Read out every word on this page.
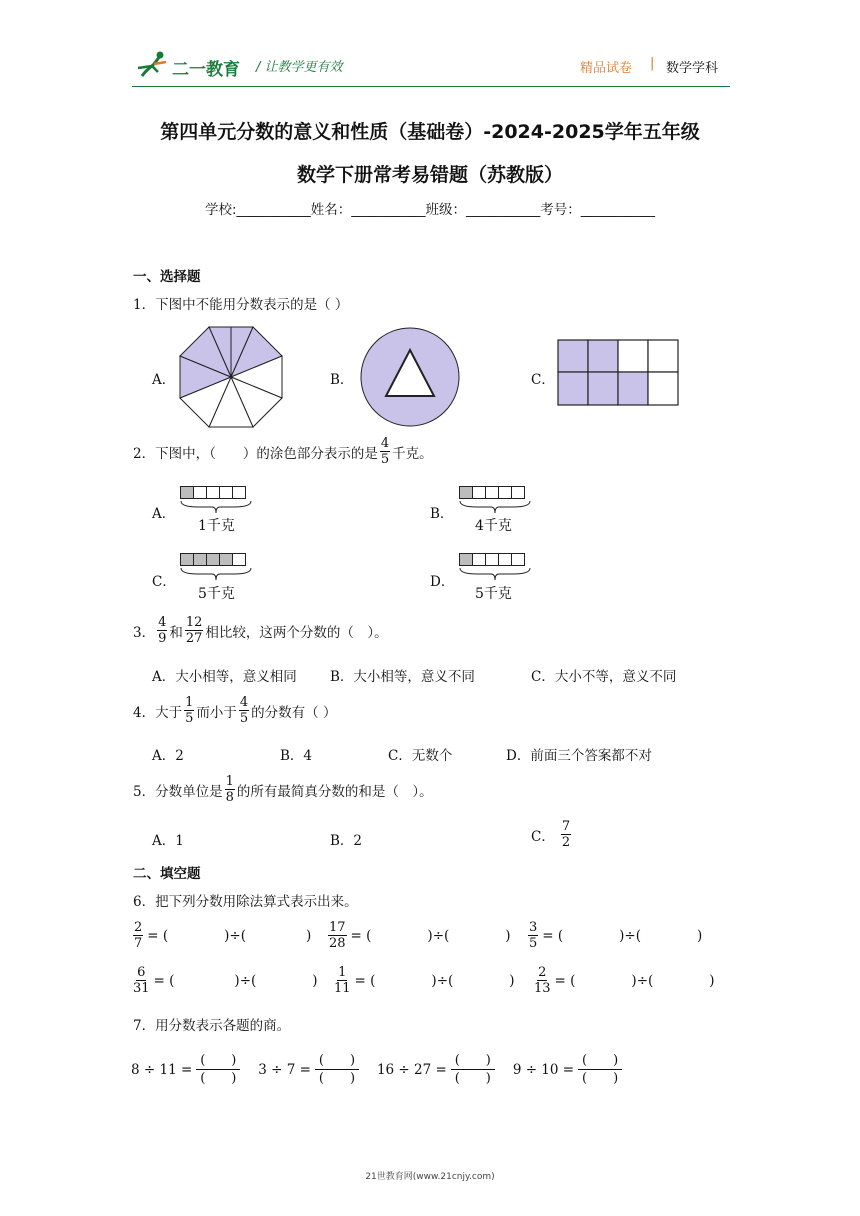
二一教育 / 让教学更有效	精品试卷 | 数学学科
第四单元分数的意义和性质（基础卷）-2024-2025学年五年级
数学下册常考易错题（苏教版）
学校:___________姓名：___________班级：___________考号：___________
一、选择题
1．下图中不能用分数表示的是（ ）
A．	B．	C．
2．下图中，（　　）的涂色部分表示的是 $\frac{4}{5}$ 千克。
A．
1千克
B．
4千克
C．
5千克
D．
5千克
3． $\frac{4}{9}$ 和 $\frac{12}{27}$ 相比较，这两个分数的（　）。
A．大小相等，意义相同 B．大小相等，意义不同	C．大小不等，意义不同
4．大于 $\frac{1}{5}$ 而小于 $\frac{4}{5}$ 的分数有（ ）
A．2	B．4	C．无数个	D．前面三个答案都不对
5．分数单位是 $\frac{1}{8}$ 的所有最简真分数的和是（　）。
A．1	B．2	C． $\frac{7}{2}$
二、填空题
6．把下列分数用除法算式表示出来。
$\frac{2}{7}$ = (	)÷(	) $\frac{17}{28}$ = (	)÷(	) $\frac{3}{5}$ = (	)÷(	)
$\frac{6}{31}$ = (	)÷(	) $\frac{1}{11}$ = (	)÷(	) $\frac{2}{13}$ = (	)÷(	)
7．用分数表示各题的商。
$8 \div 11 = \frac{( )}{( )} 3 \div 7 = \frac{( )}{( )} 16 \div 27 = \frac{( )}{( )} 9 \div 10 = \frac{( )}{( )}$
21世教育网(www.21cnjy.com)
